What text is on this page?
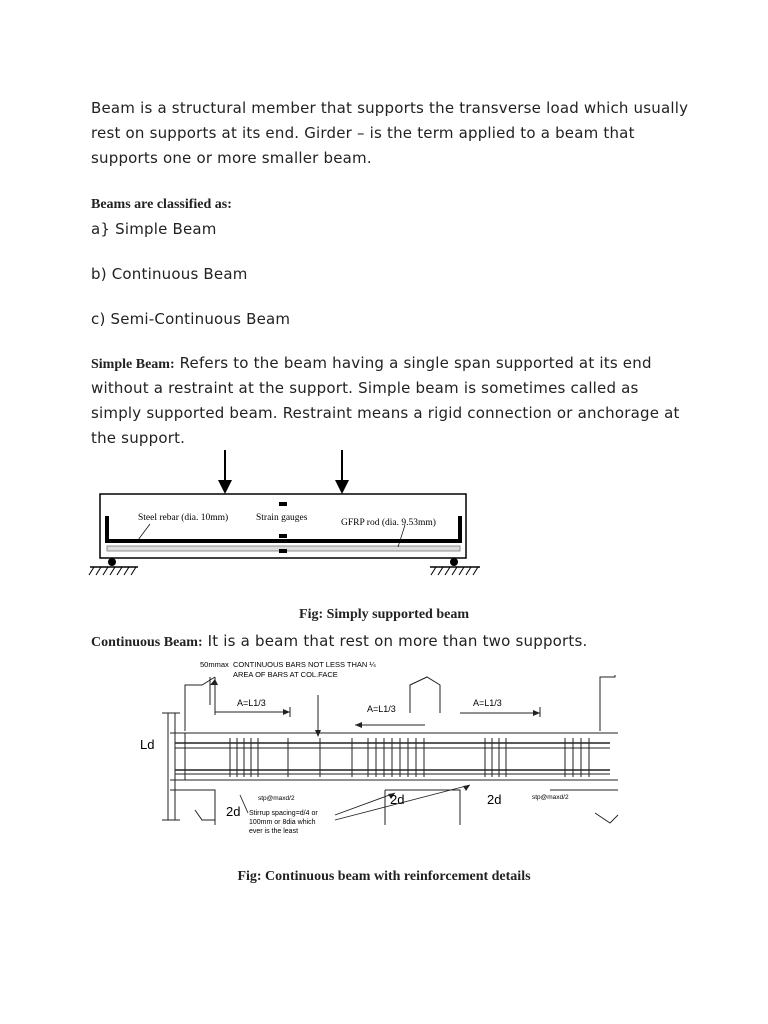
Beam is a structural member that supports the transverse load which usually
rest on supports at its end. Girder – is the term applied to a beam that
supports one or more smaller beam.
Beams are classified as:
a} Simple Beam
b) Continuous Beam
c) Semi-Continuous Beam
Simple Beam: Refers to the beam having a single span supported at its end
without a restraint at the support. Simple beam is sometimes called as
simply supported beam. Restraint means a rigid connection or anchorage at
the support.
Steel rebar (dia. 10mm)	Strain gauges	GFRP rod (dia. 9.53mm)
Fig: Simply supported beam
Continuous Beam: It is a beam that rest on more than two supports.
50mmax CONTINUOUS BARS NOT LESS THAN ¼
AREA OF BARS AT COL.FACE
A=L1/3
A=L1/3
A=L1/3
Ld
stp@maxd/2	stp@maxd/2
2d
2d	2d
Stirrup spacing=d/4 or
100mm or 8dia which
ever is the least
Fig: Continuous beam with reinforcement details
